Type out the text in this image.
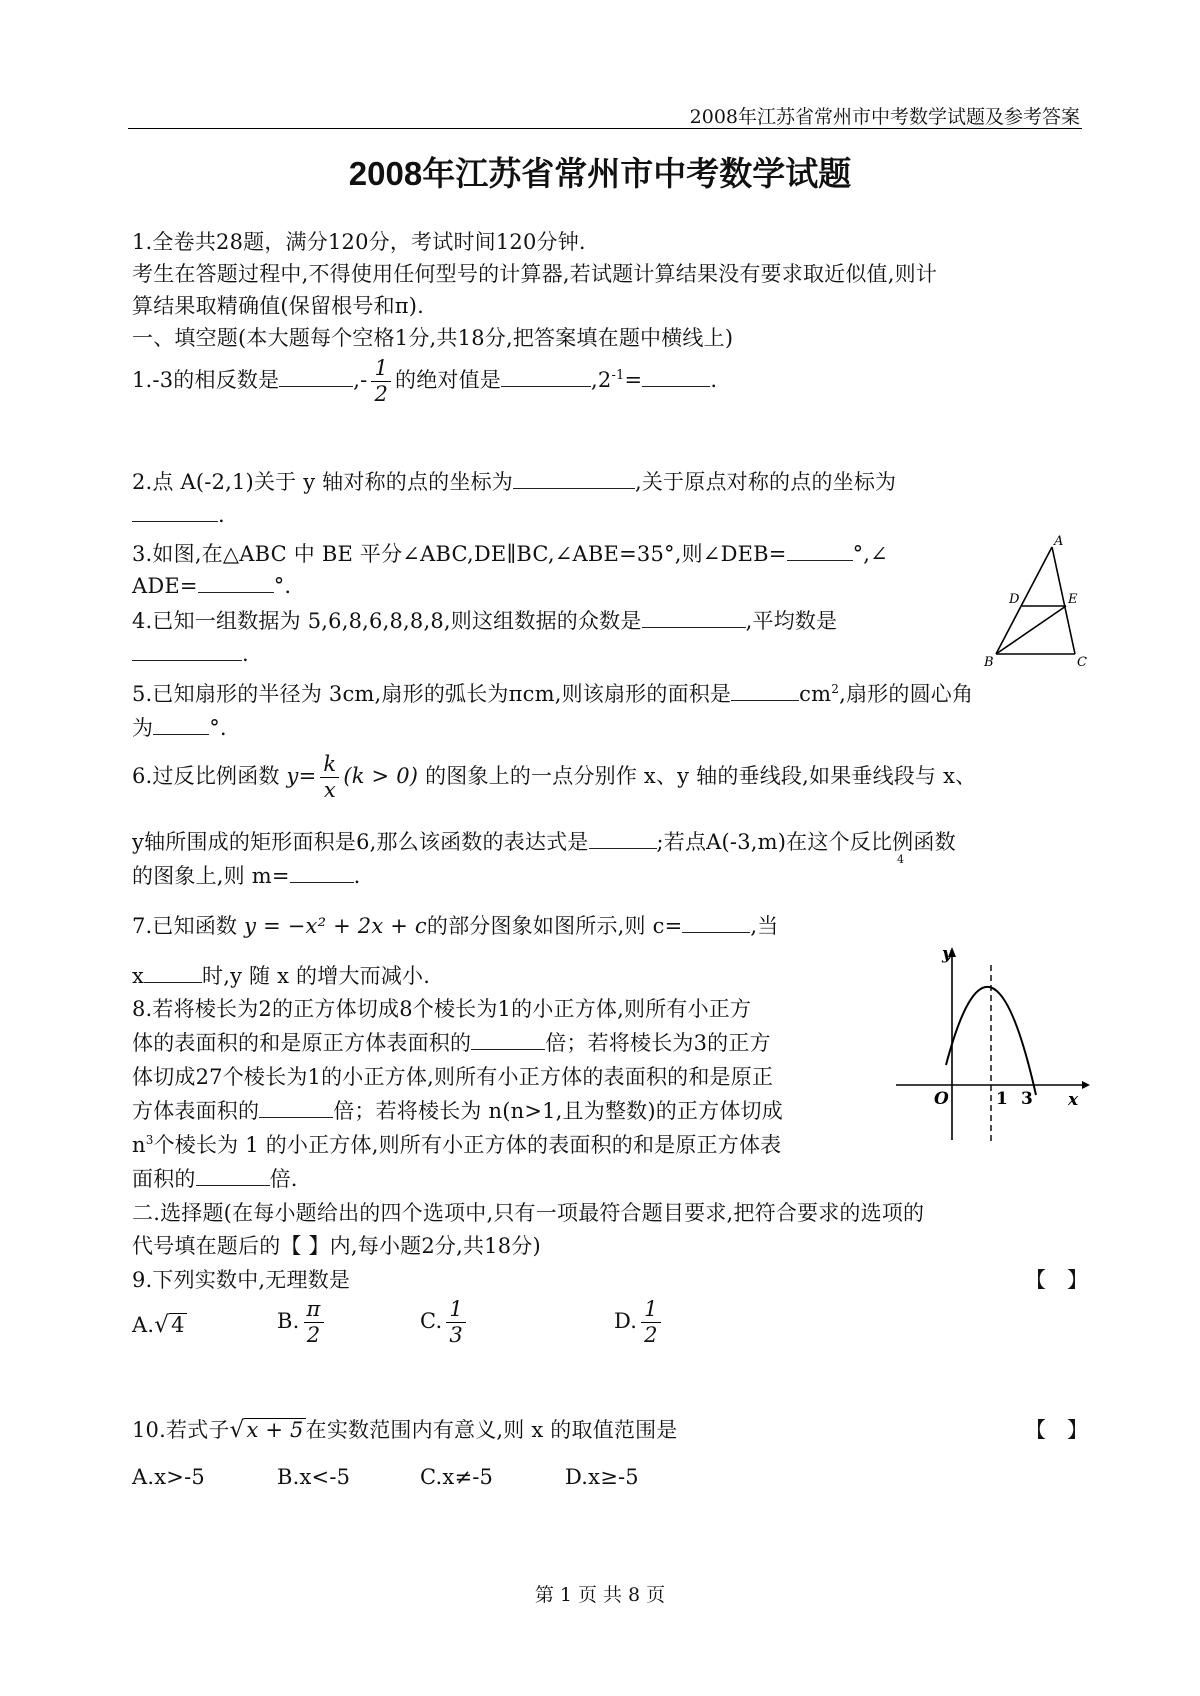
2008年江苏省常州市中考数学试题及参考答案
2008年江苏省常州市中考数学试题
1.全卷共28题，满分120分，考试时间120分钟.
考生在答题过程中,不得使用任何型号的计算器,若试题计算结果没有要求取近似值,则计
算结果取精确值(保留根号和π).
一、填空题(本大题每个空格1分,共18分,把答案填在题中横线上)
1.-3的相反数是	,- $\frac{1}{2}$ 的绝对值是	$,2^{-1}=$	.
2.点 A(-2,1)关于 y 轴对称的点的坐标为	,关于原点对称的点的坐标为
.
3.如图,在△ABC 中 BE 平分∠ABC,DE∥BC,∠ABE=35°,则∠DEB=	°,∠
ADE=	°.
4.已知一组数据为 5,6,8,6,8,8,8,则这组数据的众数是	,平均数是
.
A
B	C
D	E
5.已知扇形的半径为 3cm,扇形的弧长为πcm,则该扇形的面积是	$cm^2$,扇形的圆心角
为	°.
6.过反比例函数 $y= \frac{k}{x} (k > 0)$ 的图象上的一点分别作 x、y 轴的垂线段,如果垂线段与 x、
y轴所围成的矩形面积是6,那么该函数的表达式是	;若点A(-3,m)在这个反比例函数
4
的图象上,则 m=	.
7.已知函数 y = −x² + 2x + c的部分图象如图所示,则 c=	,当
x	时,y 随 x 的增大而减小.
8.若将棱长为2的正方体切成8个棱长为1的小正方体,则所有小正方
体的表面积的和是原正方体表面积的	倍；若将棱长为3的正方
体切成27个棱长为1的小正方体,则所有小正方体的表面积的和是原正
方体表面积的	倍；若将棱长为 n(n>1,且为整数)的正方体切成
$n^3$个棱长为 1 的小正方体,则所有小正方体的表面积的和是原正方体表
面积的	倍.
y
x
O	1 3
二.选择题(在每小题给出的四个选项中,只有一项最符合题目要求,把符合要求的选项的
代号填在题后的【 】内,每小题2分,共18分)
9.下列实数中,无理数是	【　】
A.√4	B. $\frac{\pi}{2}$	C. $\frac{1}{3}$	D. $\frac{1}{2}$
10.若式子√x + 5在实数范围内有意义,则 x 的取值范围是	【　】
A.x>-5	B.x<-5	C.x≠-5	D.x≥-5
第 1 页 共 8 页
